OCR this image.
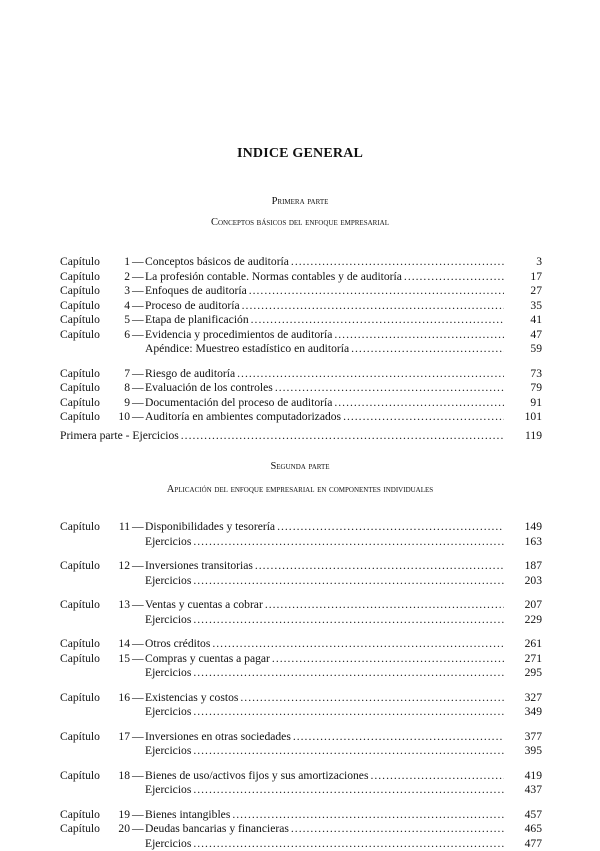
INDICE GENERAL
Primera parte
Conceptos básicos del enfoque empresarial
Capítulo	1 — Conceptos básicos de auditoría .....	3
Capítulo	2 — La profesión contable. Normas contables y de auditoría .....	17
Capítulo	3 — Enfoques de auditoría .....	27
Capítulo	4 — Proceso de auditoría .....	35
Capítulo	5 — Etapa de planificación .....	41
Capítulo	6 — Evidencia y procedimientos de auditoría .....	47
Apéndice: Muestreo estadístico en auditoría .....	59
Capítulo	7 — Riesgo de auditoría .....	73
Capítulo	8 — Evaluación de los controles .....	79
Capítulo	9 — Documentación del proceso de auditoría .....	91
Capítulo	10 — Auditoría en ambientes computadorizados .....	101
Primera parte - Ejercicios .....	119
Segunda parte
Aplicación del enfoque empresarial en componentes individuales
Capítulo	11 — Disponibilidades y tesorería .....	149
Ejercicios .....	163
Capítulo	12 — Inversiones transitorias .....	187
Ejercicios .....	203
Capítulo	13 — Ventas y cuentas a cobrar .....	207
Ejercicios .....	229
Capítulo	14 — Otros créditos .....	261
Capítulo	15 — Compras y cuentas a pagar .....	271
Ejercicios .....	295
Capítulo	16 — Existencias y costos .....	327
Ejercicios .....	349
Capítulo	17 — Inversiones en otras sociedades .....	377
Ejercicios .....	395
Capítulo	18 — Bienes de uso/activos fijos y sus amortizaciones .....	419
Ejercicios .....	437
Capítulo	19 — Bienes intangibles .....	457
Capítulo	20 — Deudas bancarias y financieras .....	465
Ejercicios .....	477
